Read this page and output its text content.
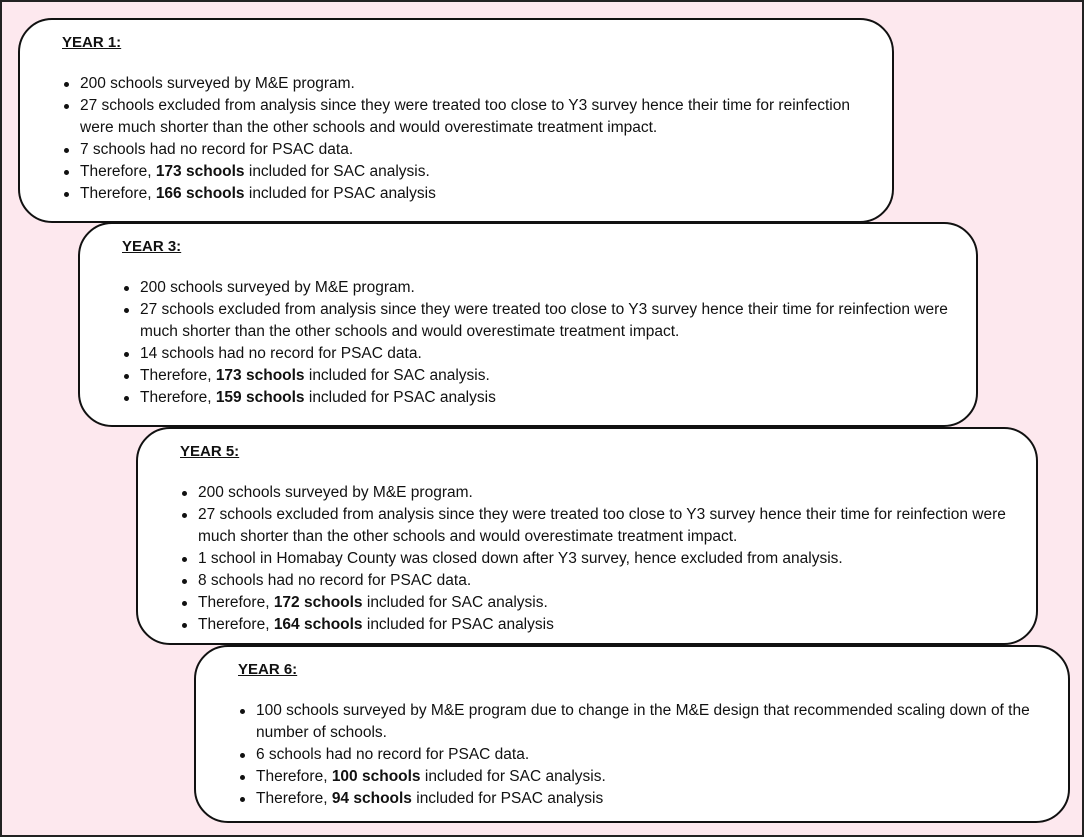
YEAR 1:
200 schools surveyed by M&E program.
27 schools excluded from analysis since they were treated too close to Y3 survey hence their time for reinfection were much shorter than the other schools and would overestimate treatment impact.
7 schools had no record for PSAC data.
Therefore, 173 schools included for SAC analysis.
Therefore, 166 schools included for PSAC analysis
YEAR 3:
200 schools surveyed by M&E program.
27 schools excluded from analysis since they were treated too close to Y3 survey hence their time for reinfection were much shorter than the other schools and would overestimate treatment impact.
14 schools had no record for PSAC data.
Therefore, 173 schools included for SAC analysis.
Therefore, 159 schools included for PSAC analysis
YEAR 5:
200 schools surveyed by M&E program.
27 schools excluded from analysis since they were treated too close to Y3 survey hence their time for reinfection were much shorter than the other schools and would overestimate treatment impact.
1 school in Homabay County was closed down after Y3 survey, hence excluded from analysis.
8 schools had no record for PSAC data.
Therefore, 172 schools included for SAC analysis.
Therefore, 164 schools included for PSAC analysis
YEAR 6:
100 schools surveyed by M&E program due to change in the M&E design that recommended scaling down of the number of schools.
6 schools had no record for PSAC data.
Therefore, 100 schools included for SAC analysis.
Therefore, 94 schools included for PSAC analysis
